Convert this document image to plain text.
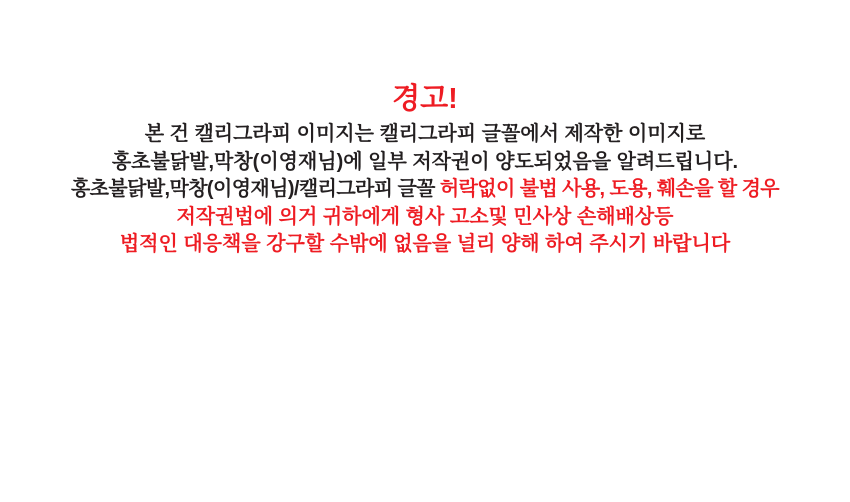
경고!
본 건 캘리그라피 이미지는 캘리그라피 글꼴에서 제작한 이미지로
홍초불닭발,막창(이영재님)에 일부 저작권이 양도되었음을 알려드립니다.
홍초불닭발,막창(이영재님)/캘리그라피 글꼴 허락없이 불법 사용, 도용, 훼손을 할 경우
저작권법에 의거 귀하에게 형사 고소및 민사상 손해배상등
법적인 대응책을 강구할 수밖에 없음을 널리 양해 하여 주시기 바랍니다
